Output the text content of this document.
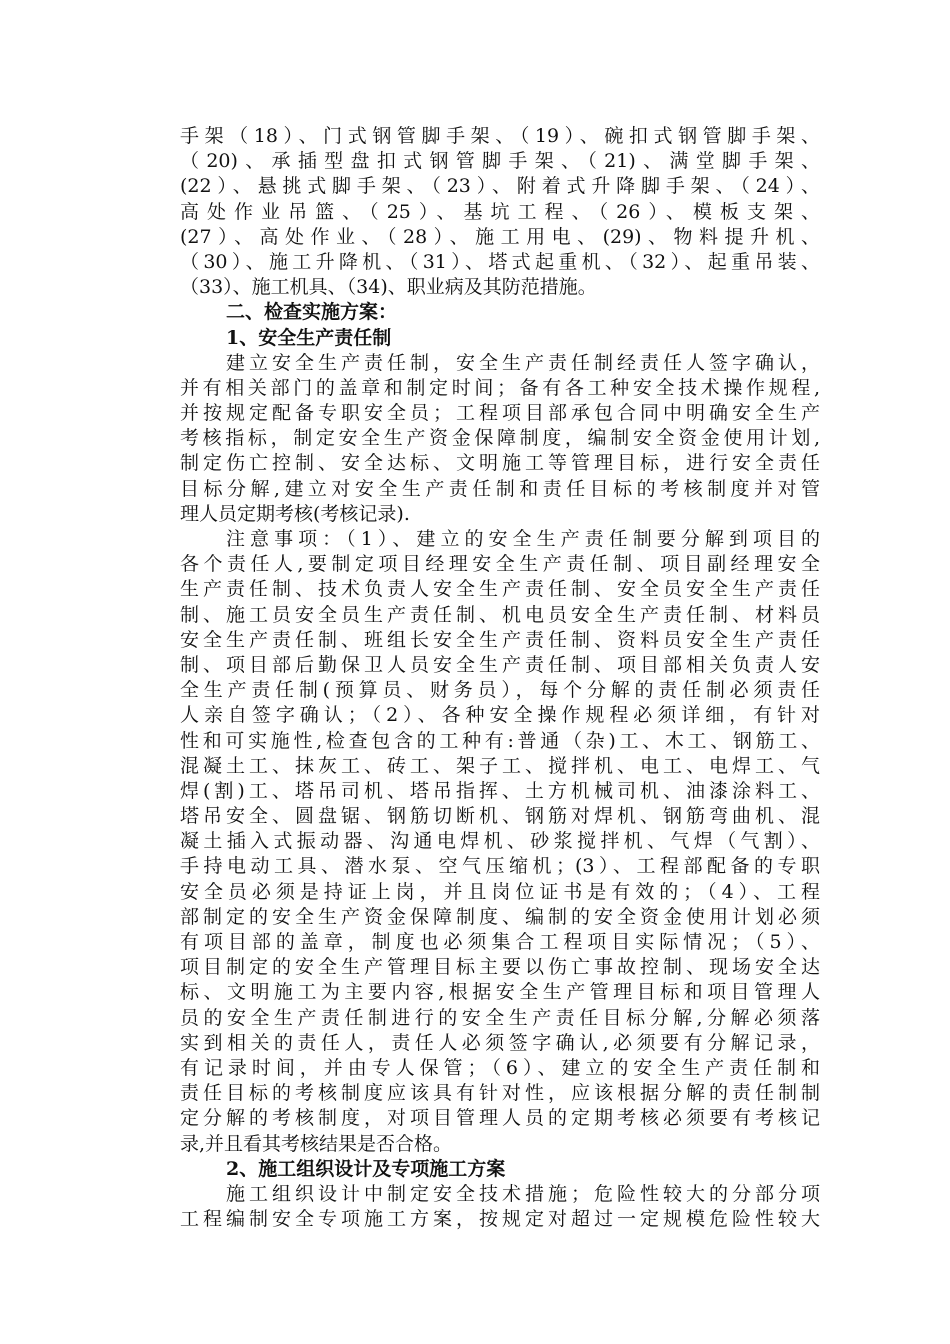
手架（18）、门式钢管脚手架、（19）、碗扣式钢管脚手架、
（20)、承插型盘扣式钢管脚手架、（21)、满堂脚手架、
(22）、悬挑式脚手架、（23）、附着式升降脚手架、（24）、
高处作业吊篮、（25）、基坑工程、（26）、模板支架、
(27）、高处作业、（28）、施工用电、(29)、物料提升机、
（30）、施工升降机、（31）、塔式起重机、（32）、起重吊装、
（33）、施工机具、（34)、职业病及其防范措施。
二、检查实施方案：
1、安全生产责任制
建立安全生产责任制，安全生产责任制经责任人签字确认，
并有相关部门的盖章和制定时间；备有各工种安全技术操作规程,
并按规定配备专职安全员；工程项目部承包合同中明确安全生产
考核指标，制定安全生产资金保障制度，编制安全资金使用计划,
制定伤亡控制、安全达标、文明施工等管理目标，进行安全责任
目标分解,建立对安全生产责任制和责任目标的考核制度并对管
理人员定期考核(考核记录).
注意事项：（1）、建立的安全生产责任制要分解到项目的
各个责任人,要制定项目经理安全生产责任制、项目副经理安全
生产责任制、技术负责人安全生产责任制、安全员安全生产责任
制、施工员安全员生产责任制、机电员安全生产责任制、材料员
安全生产责任制、班组长安全生产责任制、资料员安全生产责任
制、项目部后勤保卫人员安全生产责任制、项目部相关负责人安
全生产责任制(预算员、财务员），每个分解的责任制必须责任
人亲自签字确认；（2）、各种安全操作规程必须详细，有针对
性和可实施性,检查包含的工种有:普通（杂)工、木工、钢筋工、
混凝土工、抹灰工、砖工、架子工、搅拌机、电工、电焊工、气
焊(割)工、塔吊司机、塔吊指挥、土方机械司机、油漆涂料工、
塔吊安全、圆盘锯、钢筋切断机、钢筋对焊机、钢筋弯曲机、混
凝土插入式振动器、沟通电焊机、砂浆搅拌机、气焊（气割）、
手持电动工具、潜水泵、空气压缩机；(3）、工程部配备的专职
安全员必须是持证上岗，并且岗位证书是有效的；（4）、工程
部制定的安全生产资金保障制度、编制的安全资金使用计划必须
有项目部的盖章，制度也必须集合工程项目实际情况；（5）、
项目制定的安全生产管理目标主要以伤亡事故控制、现场安全达
标、文明施工为主要内容,根据安全生产管理目标和项目管理人
员的安全生产责任制进行的安全生产责任目标分解,分解必须落
实到相关的责任人，责任人必须签字确认,必须要有分解记录，
有记录时间，并由专人保管；（6）、建立的安全生产责任制和
责任目标的考核制度应该具有针对性，应该根据分解的责任制制
定分解的考核制度，对项目管理人员的定期考核必须要有考核记
录,并且看其考核结果是否合格。
2、施工组织设计及专项施工方案
施工组织设计中制定安全技术措施；危险性较大的分部分项
工程编制安全专项施工方案，按规定对超过一定规模危险性较大
